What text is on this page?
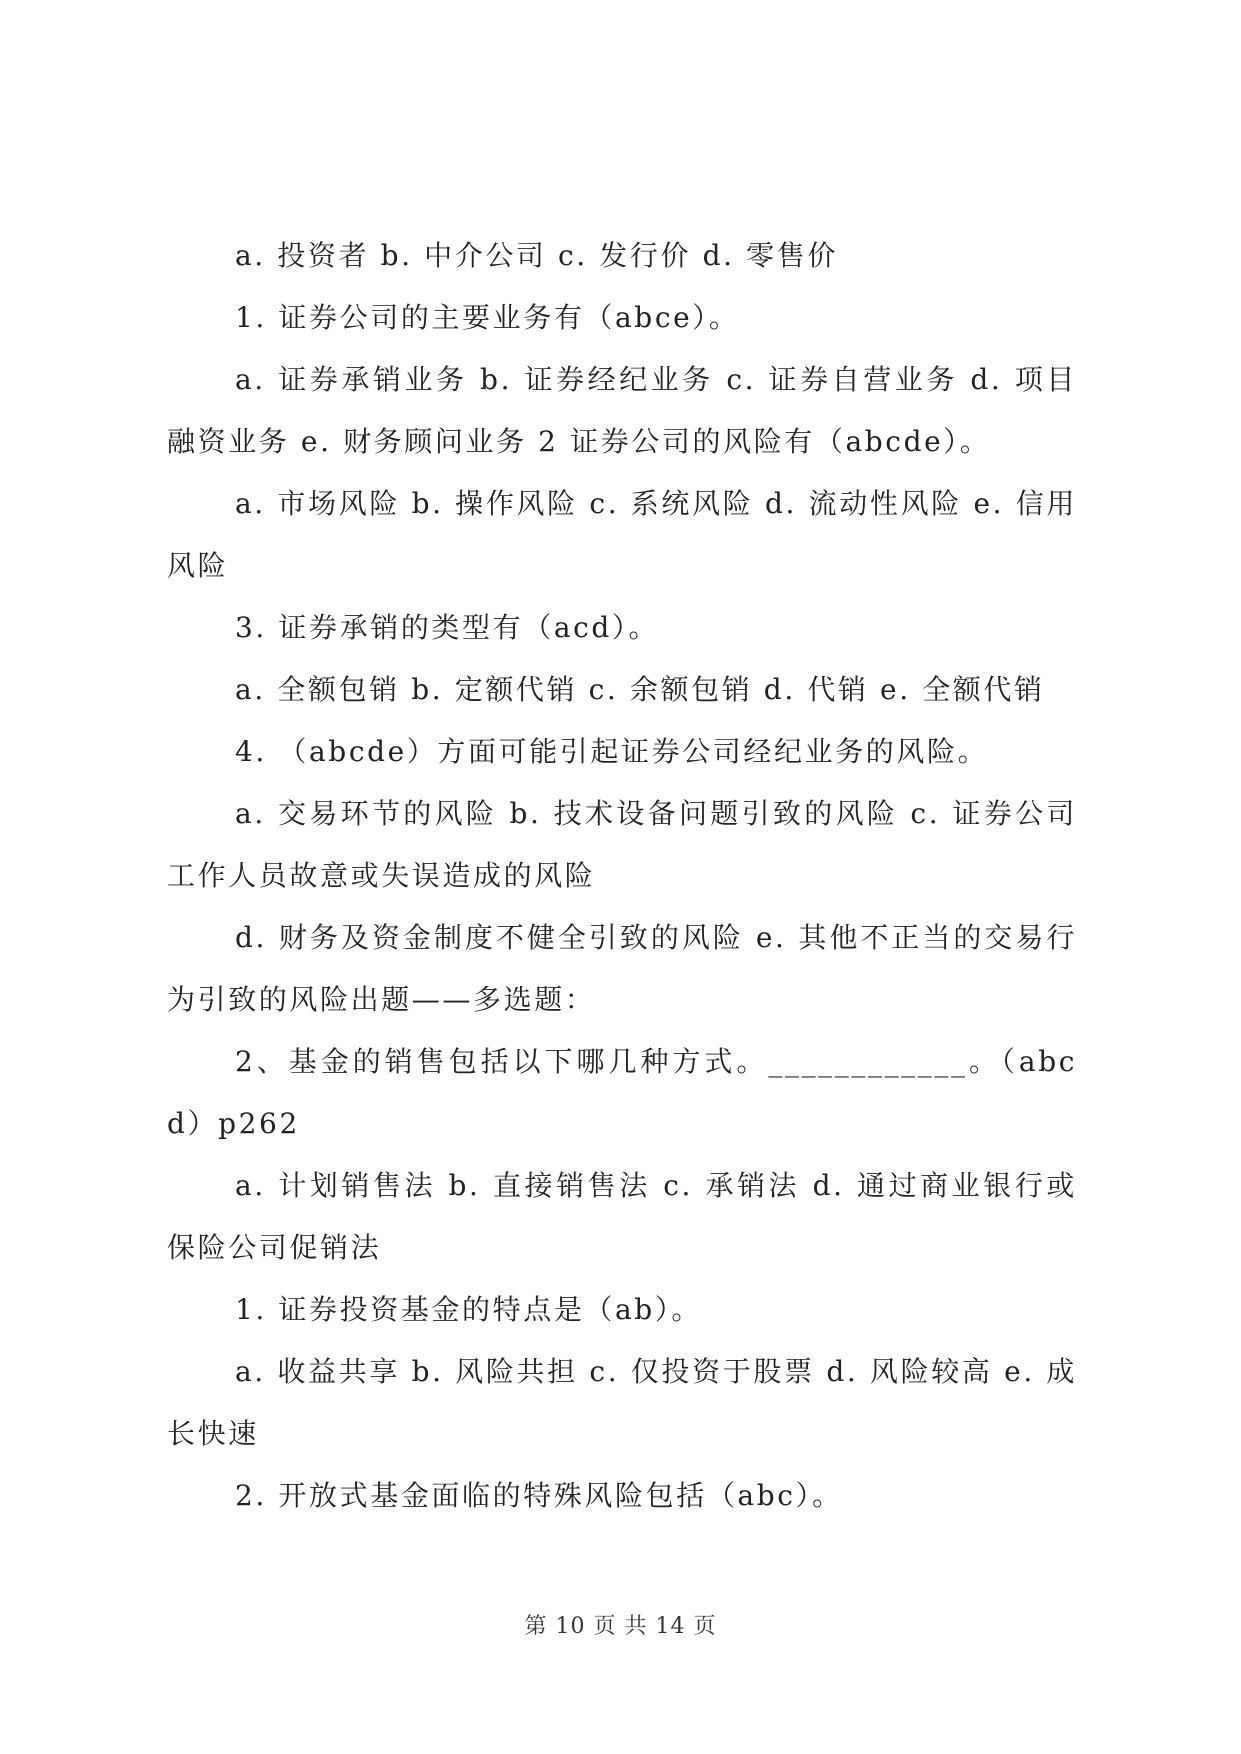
a. 投资者 b. 中介公司 c. 发行价 d. 零售价

1. 证券公司的主要业务有（abce）。

a. 证券承销业务 b. 证券经纪业务 c. 证券自营业务 d. 项目融资业务 e. 财务顾问业务 2 证券公司的风险有（abcde）。

a. 市场风险 b. 操作风险 c. 系统风险 d. 流动性风险 e. 信用风险

3. 证券承销的类型有（acd）。

a. 全额包销 b. 定额代销 c. 余额包销 d. 代销 e. 全额代销

4. （abcde）方面可能引起证券公司经纪业务的风险。

a. 交易环节的风险 b. 技术设备问题引致的风险 c. 证券公司工作人员故意或失误造成的风险

d. 财务及资金制度不健全引致的风险 e. 其他不正当的交易行为引致的风险出题——多选题：

2、基金的销售包括以下哪几种方式。____________。（abcd）p262

a. 计划销售法 b. 直接销售法 c. 承销法 d. 通过商业银行或保险公司促销法

1. 证券投资基金的特点是（ab）。

a. 收益共享 b. 风险共担 c. 仅投资于股票 d. 风险较高 e. 成长快速

2. 开放式基金面临的特殊风险包括（abc）。

第 10 页 共 14 页
